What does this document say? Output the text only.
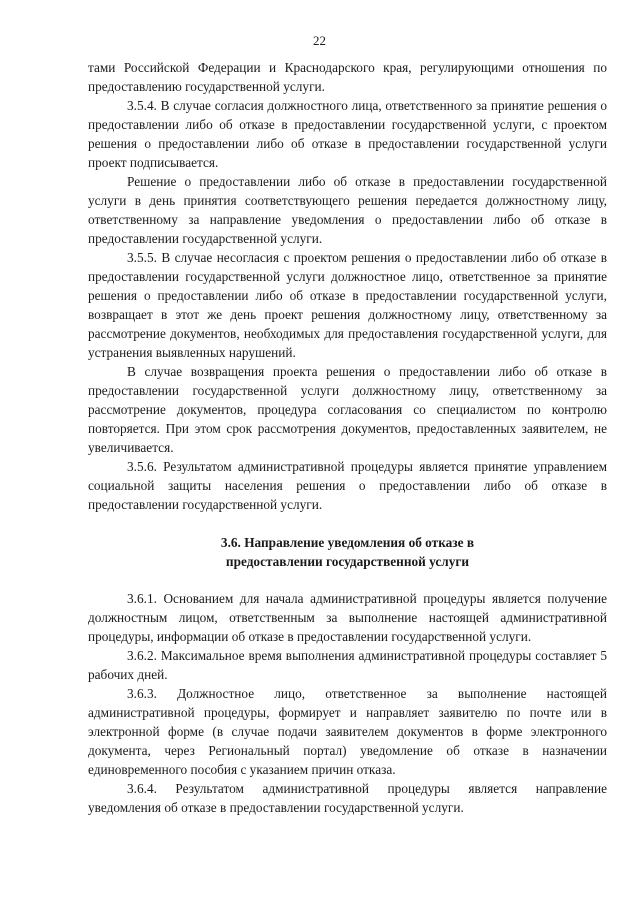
22

тами Российской Федерации и Краснодарского края, регулирующими отношения по предоставлению государственной услуги.

3.5.4. В случае согласия должностного лица, ответственного за принятие решения о предоставлении либо об отказе в предоставлении государственной услуги, с проектом решения о предоставлении либо об отказе в предоставлении государственной услуги проект подписывается.

Решение о предоставлении либо об отказе в предоставлении государственной услуги в день принятия соответствующего решения передается должностному лицу, ответственному за направление уведомления о предоставлении либо об отказе в предоставлении государственной услуги.

3.5.5. В случае несогласия с проектом решения о предоставлении либо об отказе в предоставлении государственной услуги должностное лицо, ответственное за принятие решения о предоставлении либо об отказе в предоставлении государственной услуги, возвращает в этот же день проект решения должностному лицу, ответственному за рассмотрение документов, необходимых для предоставления государственной услуги, для устранения выявленных нарушений.

В случае возвращения проекта решения о предоставлении либо об отказе в предоставлении государственной услуги должностному лицу, ответственному за рассмотрение документов, процедура согласования со специалистом по контролю повторяется. При этом срок рассмотрения документов, предоставленных заявителем, не увеличивается.

3.5.6. Результатом административной процедуры является принятие управлением социальной защиты населения решения о предоставлении либо об отказе в предоставлении государственной услуги.

3.6. Направление уведомления об отказе в
предоставлении государственной услуги

3.6.1. Основанием для начала административной процедуры является получение должностным лицом, ответственным за выполнение настоящей административной процедуры, информации об отказе в предоставлении государственной услуги.

3.6.2. Максимальное время выполнения административной процедуры составляет 5 рабочих дней.

3.6.3. Должностное лицо, ответственное за выполнение настоящей административной процедуры, формирует и направляет заявителю по почте или в электронной форме (в случае подачи заявителем документов в форме электронного документа, через Региональный портал) уведомление об отказе в назначении единовременного пособия с указанием причин отказа.

3.6.4. Результатом административной процедуры является направление уведомления об отказе в предоставлении государственной услуги.
